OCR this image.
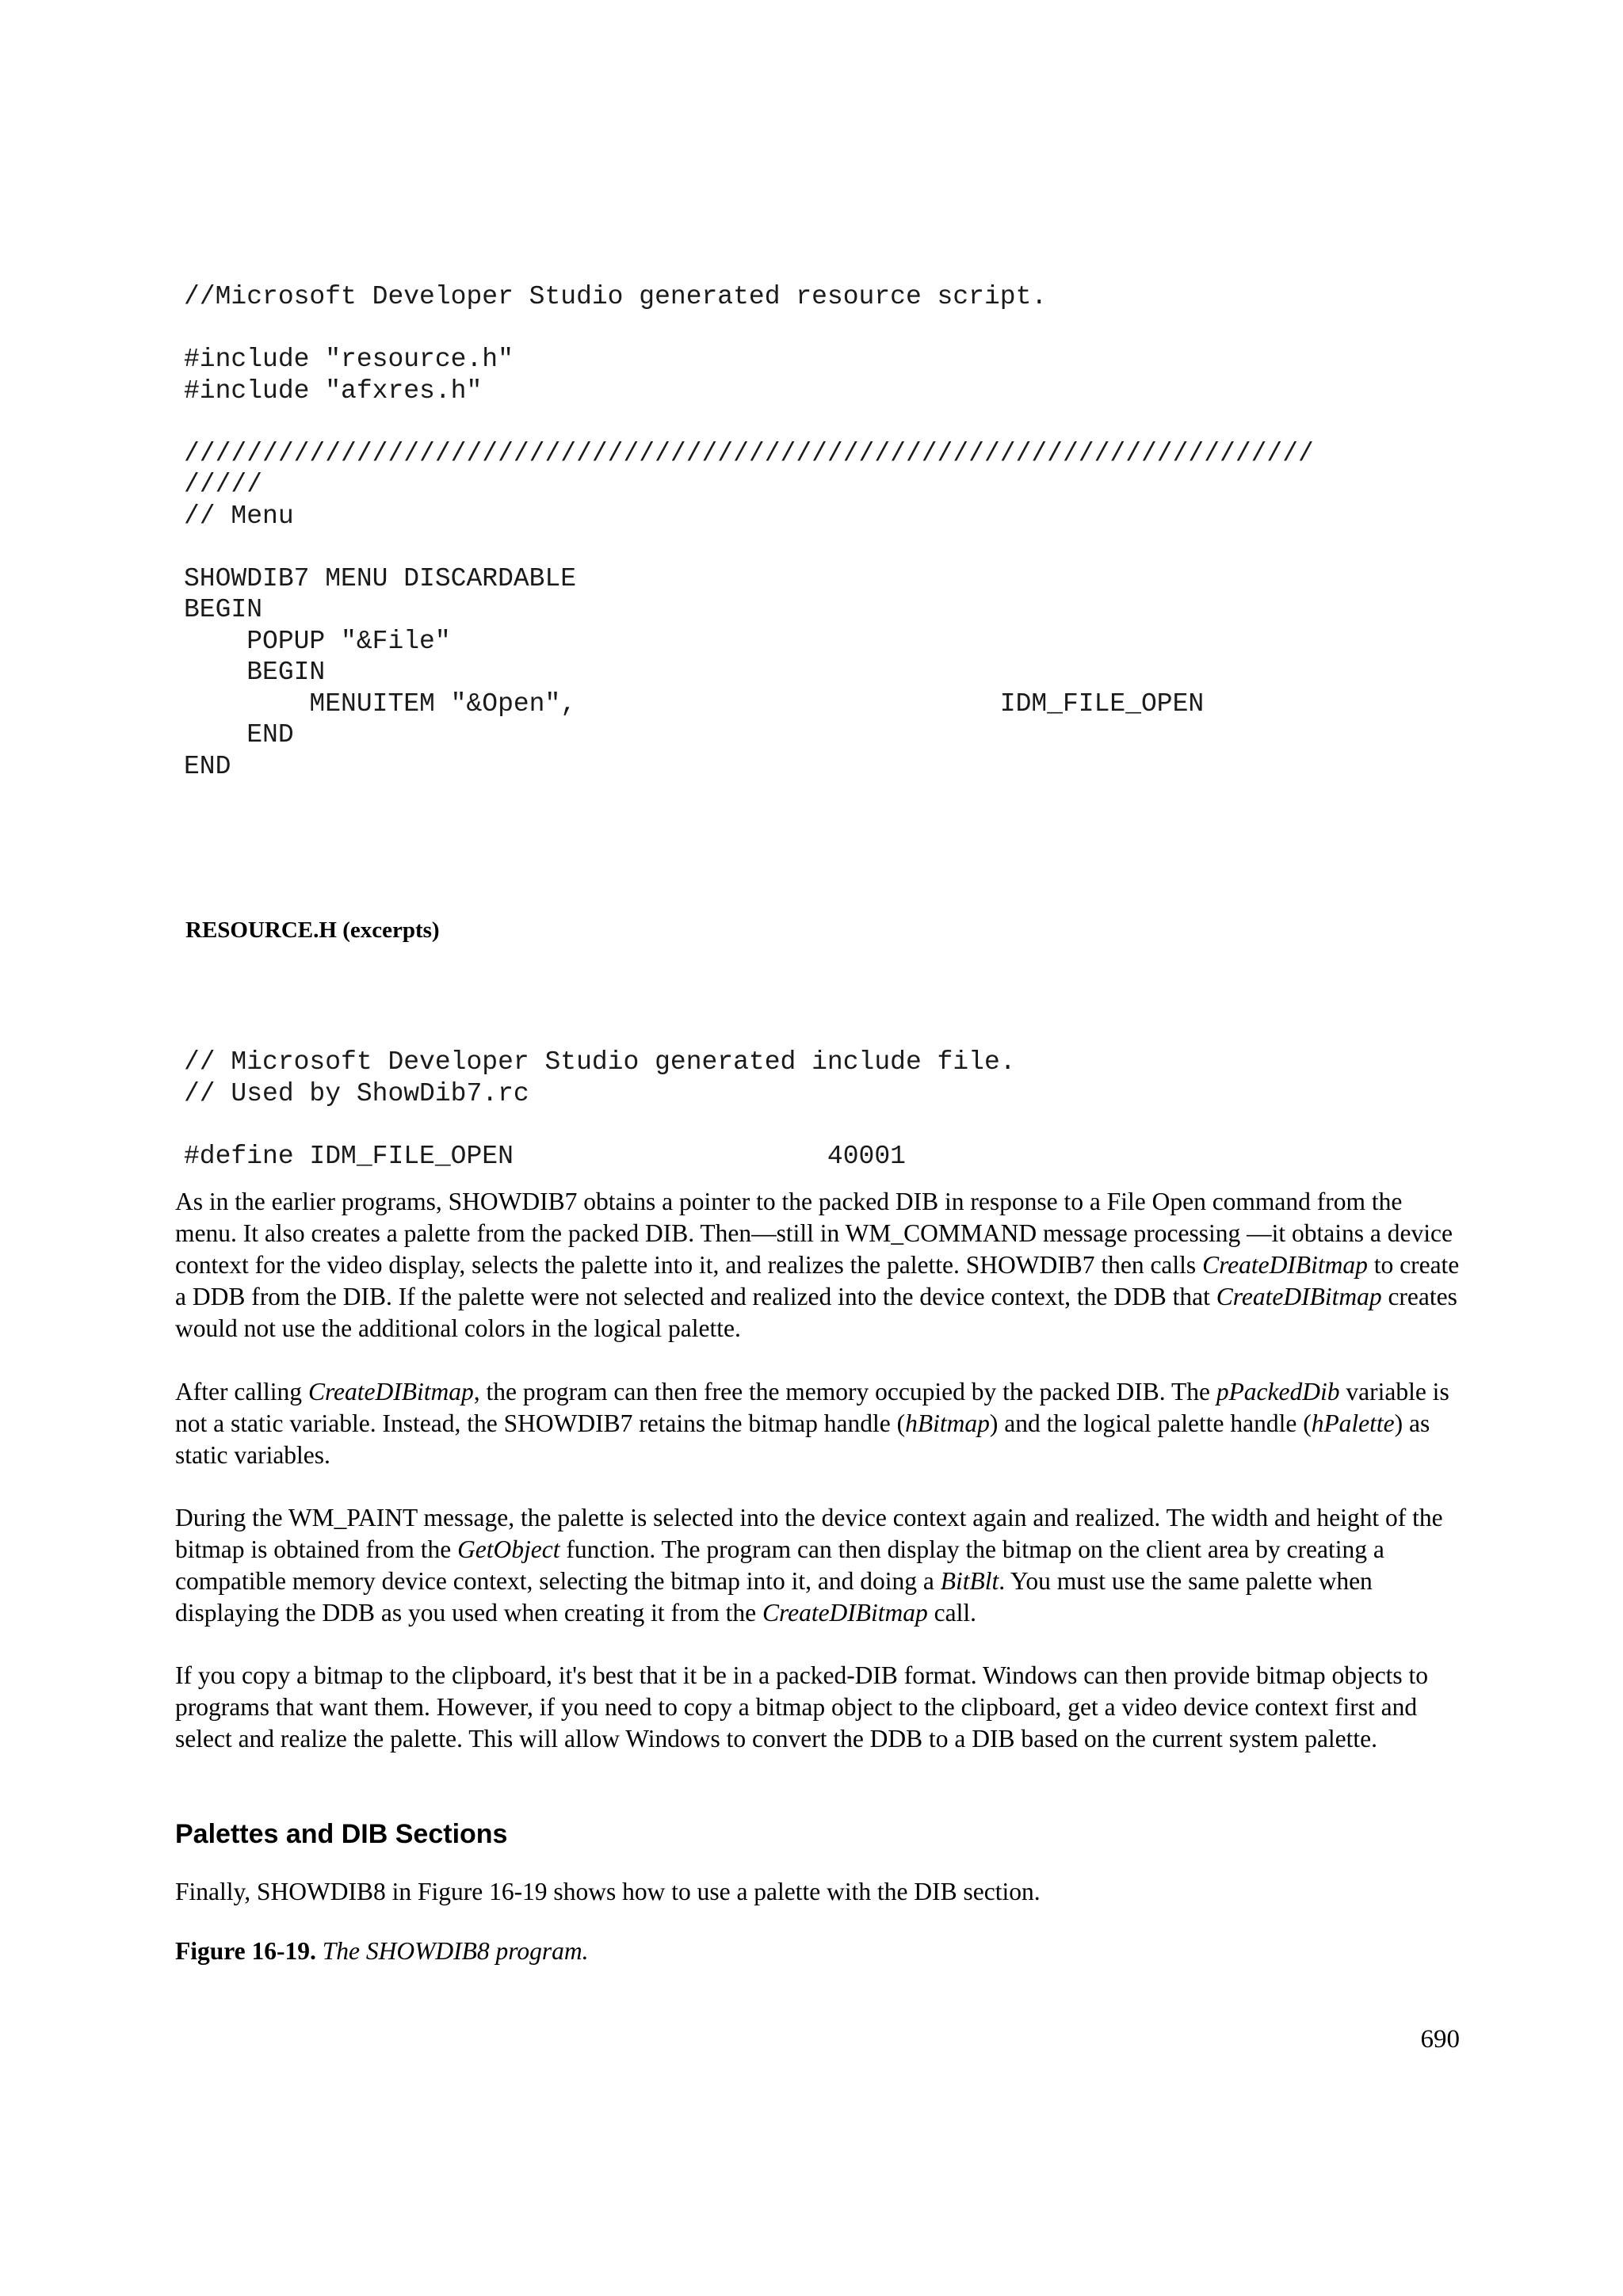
//Microsoft Developer Studio generated resource script.

#include "resource.h"
#include "afxres.h"

////////////////////////////////////////////////////////////////////////
/////
// Menu

SHOWDIB7 MENU DISCARDABLE
BEGIN
POPUP "&File"
BEGIN
MENUITEM "&Open",                           IDM_FILE_OPEN
END
END
RESOURCE.H (excerpts)
// Microsoft Developer Studio generated include file.
// Used by ShowDib7.rc

#define IDM_FILE_OPEN                    40001

As in the earlier programs, SHOWDIB7 obtains a pointer to the packed DIB in response to a File Open command from the menu. It also creates a palette from the packed DIB. Then—still in WM_COMMAND message processing —it obtains a device context for the video display, selects the palette into it, and realizes the palette. SHOWDIB7 then calls CreateDIBitmap to create a DDB from the DIB. If the palette were not selected and realized into the device context, the DDB that CreateDIBitmap creates would not use the additional colors in the logical palette.

After calling CreateDIBitmap, the program can then free the memory occupied by the packed DIB. The pPackedDib variable is not a static variable. Instead, the SHOWDIB7 retains the bitmap handle (hBitmap) and the logical palette handle (hPalette) as static variables.

During the WM_PAINT message, the palette is selected into the device context again and realized. The width and height of the bitmap is obtained from the GetObject function. The program can then display the bitmap on the client area by creating a compatible memory device context, selecting the bitmap into it, and doing a BitBlt. You must use the same palette when displaying the DDB as you used when creating it from the CreateDIBitmap call.

If you copy a bitmap to the clipboard, it's best that it be in a packed-DIB format. Windows can then provide bitmap objects to programs that want them. However, if you need to copy a bitmap object to the clipboard, get a video device context first and select and realize the palette. This will allow Windows to convert the DDB to a DIB based on the current system palette.

Palettes and DIB Sections

Finally, SHOWDIB8 in Figure 16-19 shows how to use a palette with the DIB section.

Figure 16-19. The SHOWDIB8 program.

690
